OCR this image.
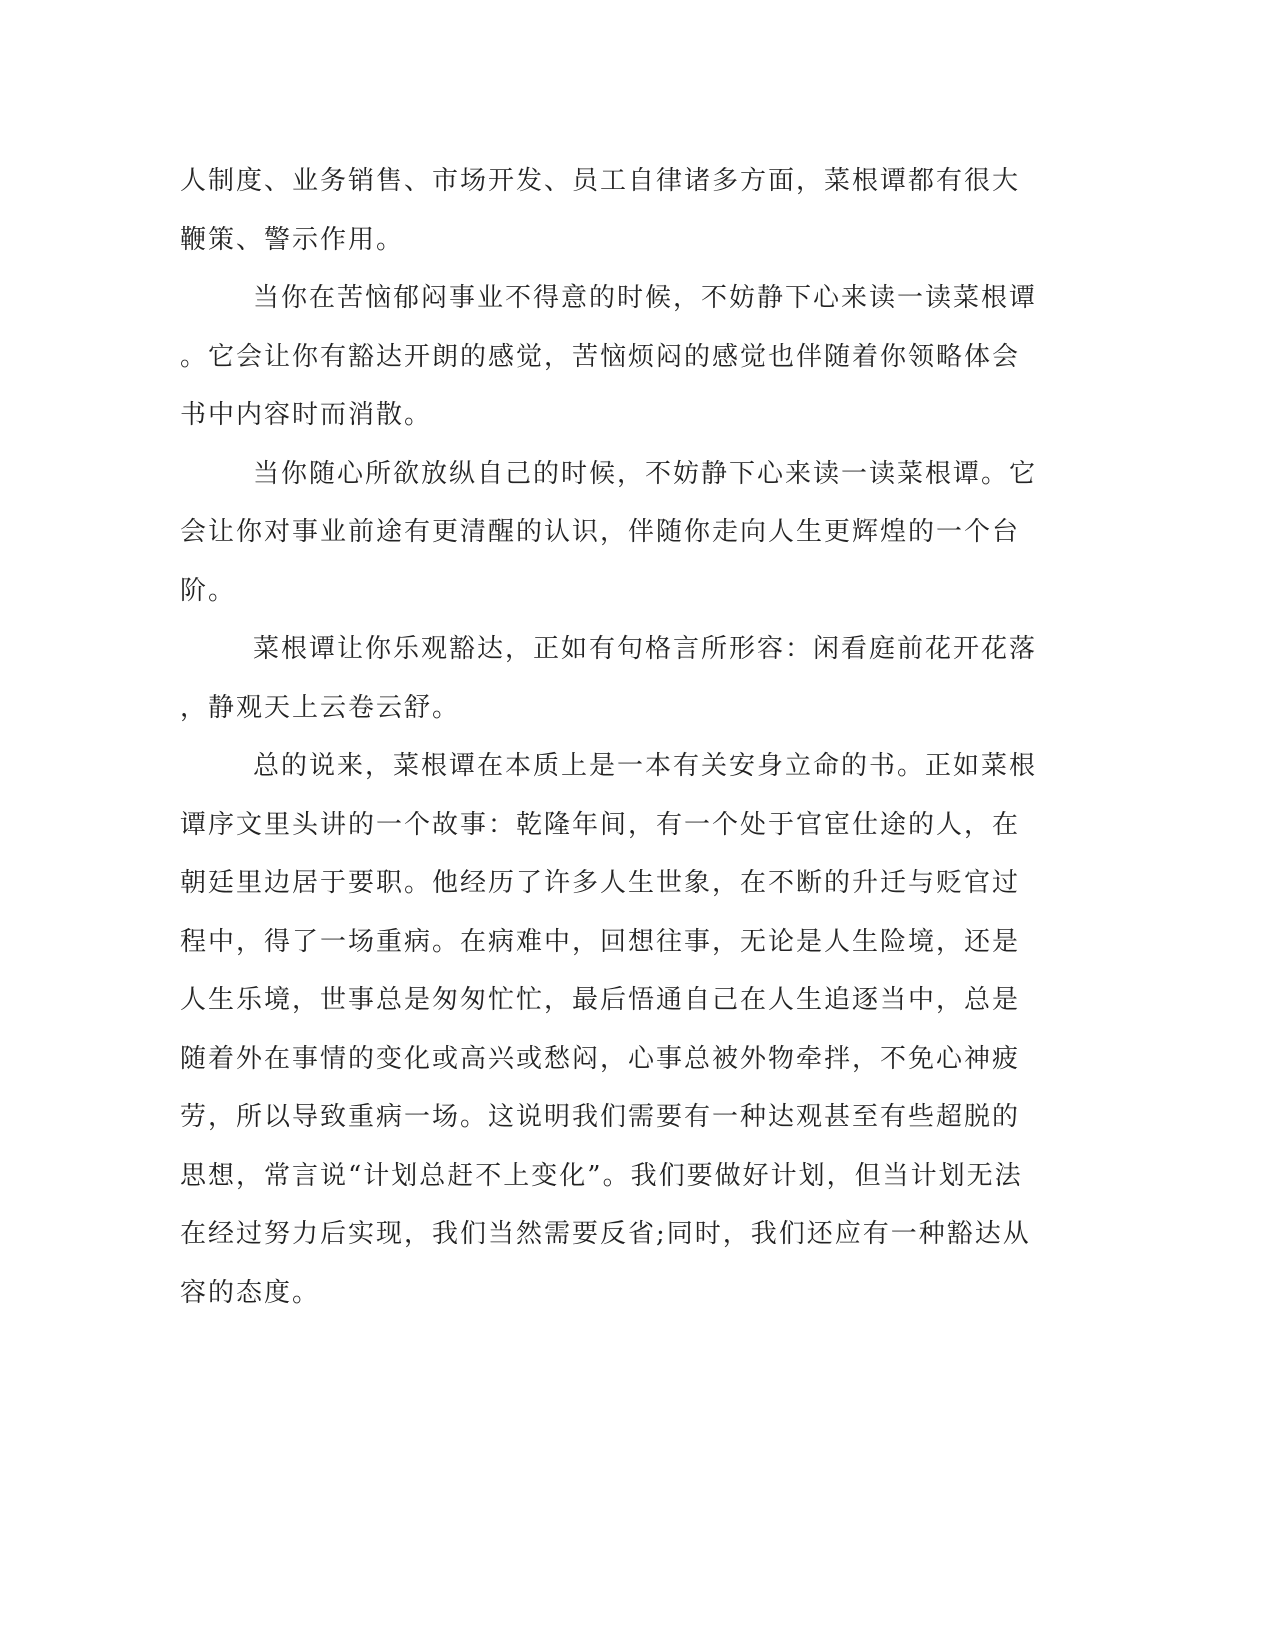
人制度、业务销售、市场开发、员工自律诸多方面，菜根谭都有很大
鞭策、警示作用。
当你在苦恼郁闷事业不得意的时候，不妨静下心来读一读菜根谭
。它会让你有豁达开朗的感觉，苦恼烦闷的感觉也伴随着你领略体会
书中内容时而消散。
当你随心所欲放纵自己的时候，不妨静下心来读一读菜根谭。它
会让你对事业前途有更清醒的认识，伴随你走向人生更辉煌的一个台
阶。
菜根谭让你乐观豁达，正如有句格言所形容：闲看庭前花开花落
，静观天上云卷云舒。
总的说来，菜根谭在本质上是一本有关安身立命的书。正如菜根
谭序文里头讲的一个故事：乾隆年间，有一个处于官宦仕途的人，在
朝廷里边居于要职。他经历了许多人生世象，在不断的升迁与贬官过
程中，得了一场重病。在病难中，回想往事，无论是人生险境，还是
人生乐境，世事总是匆匆忙忙，最后悟通自己在人生追逐当中，总是
随着外在事情的变化或高兴或愁闷，心事总被外物牵拌，不免心神疲
劳，所以导致重病一场。这说明我们需要有一种达观甚至有些超脱的
思想，常言说“计划总赶不上变化”。我们要做好计划，但当计划无法
在经过努力后实现，我们当然需要反省;同时，我们还应有一种豁达从
容的态度。
